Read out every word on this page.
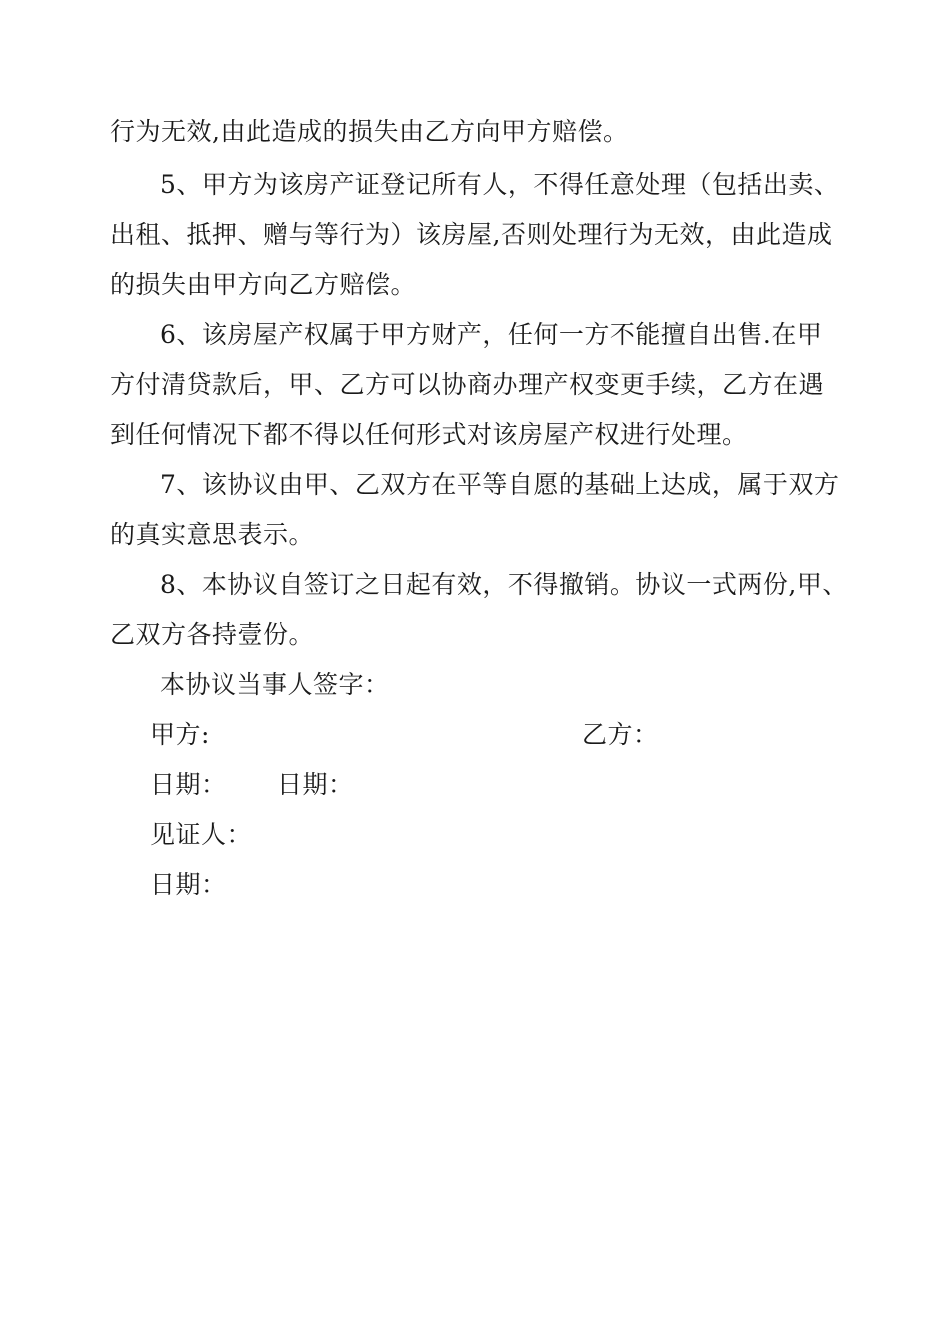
行为无效,由此造成的损失由乙方向甲方赔偿。
5、甲方为该房产证登记所有人，不得任意处理（包括出卖、
出租、抵押、赠与等行为）该房屋,否则处理行为无效，由此造成
的损失由甲方向乙方赔偿。
6、该房屋产权属于甲方财产，任何一方不能擅自出售.在甲
方付清贷款后，甲、乙方可以协商办理产权变更手续，乙方在遇
到任何情况下都不得以任何形式对该房屋产权进行处理。
7、该协议由甲、乙双方在平等自愿的基础上达成，属于双方
的真实意思表示。
8、本协议自签订之日起有效，不得撤销。协议一式两份,甲、
乙双方各持壹份。
本协议当事人签字：
甲方:	乙方：
日期： 日期：
见证人：
日期：
